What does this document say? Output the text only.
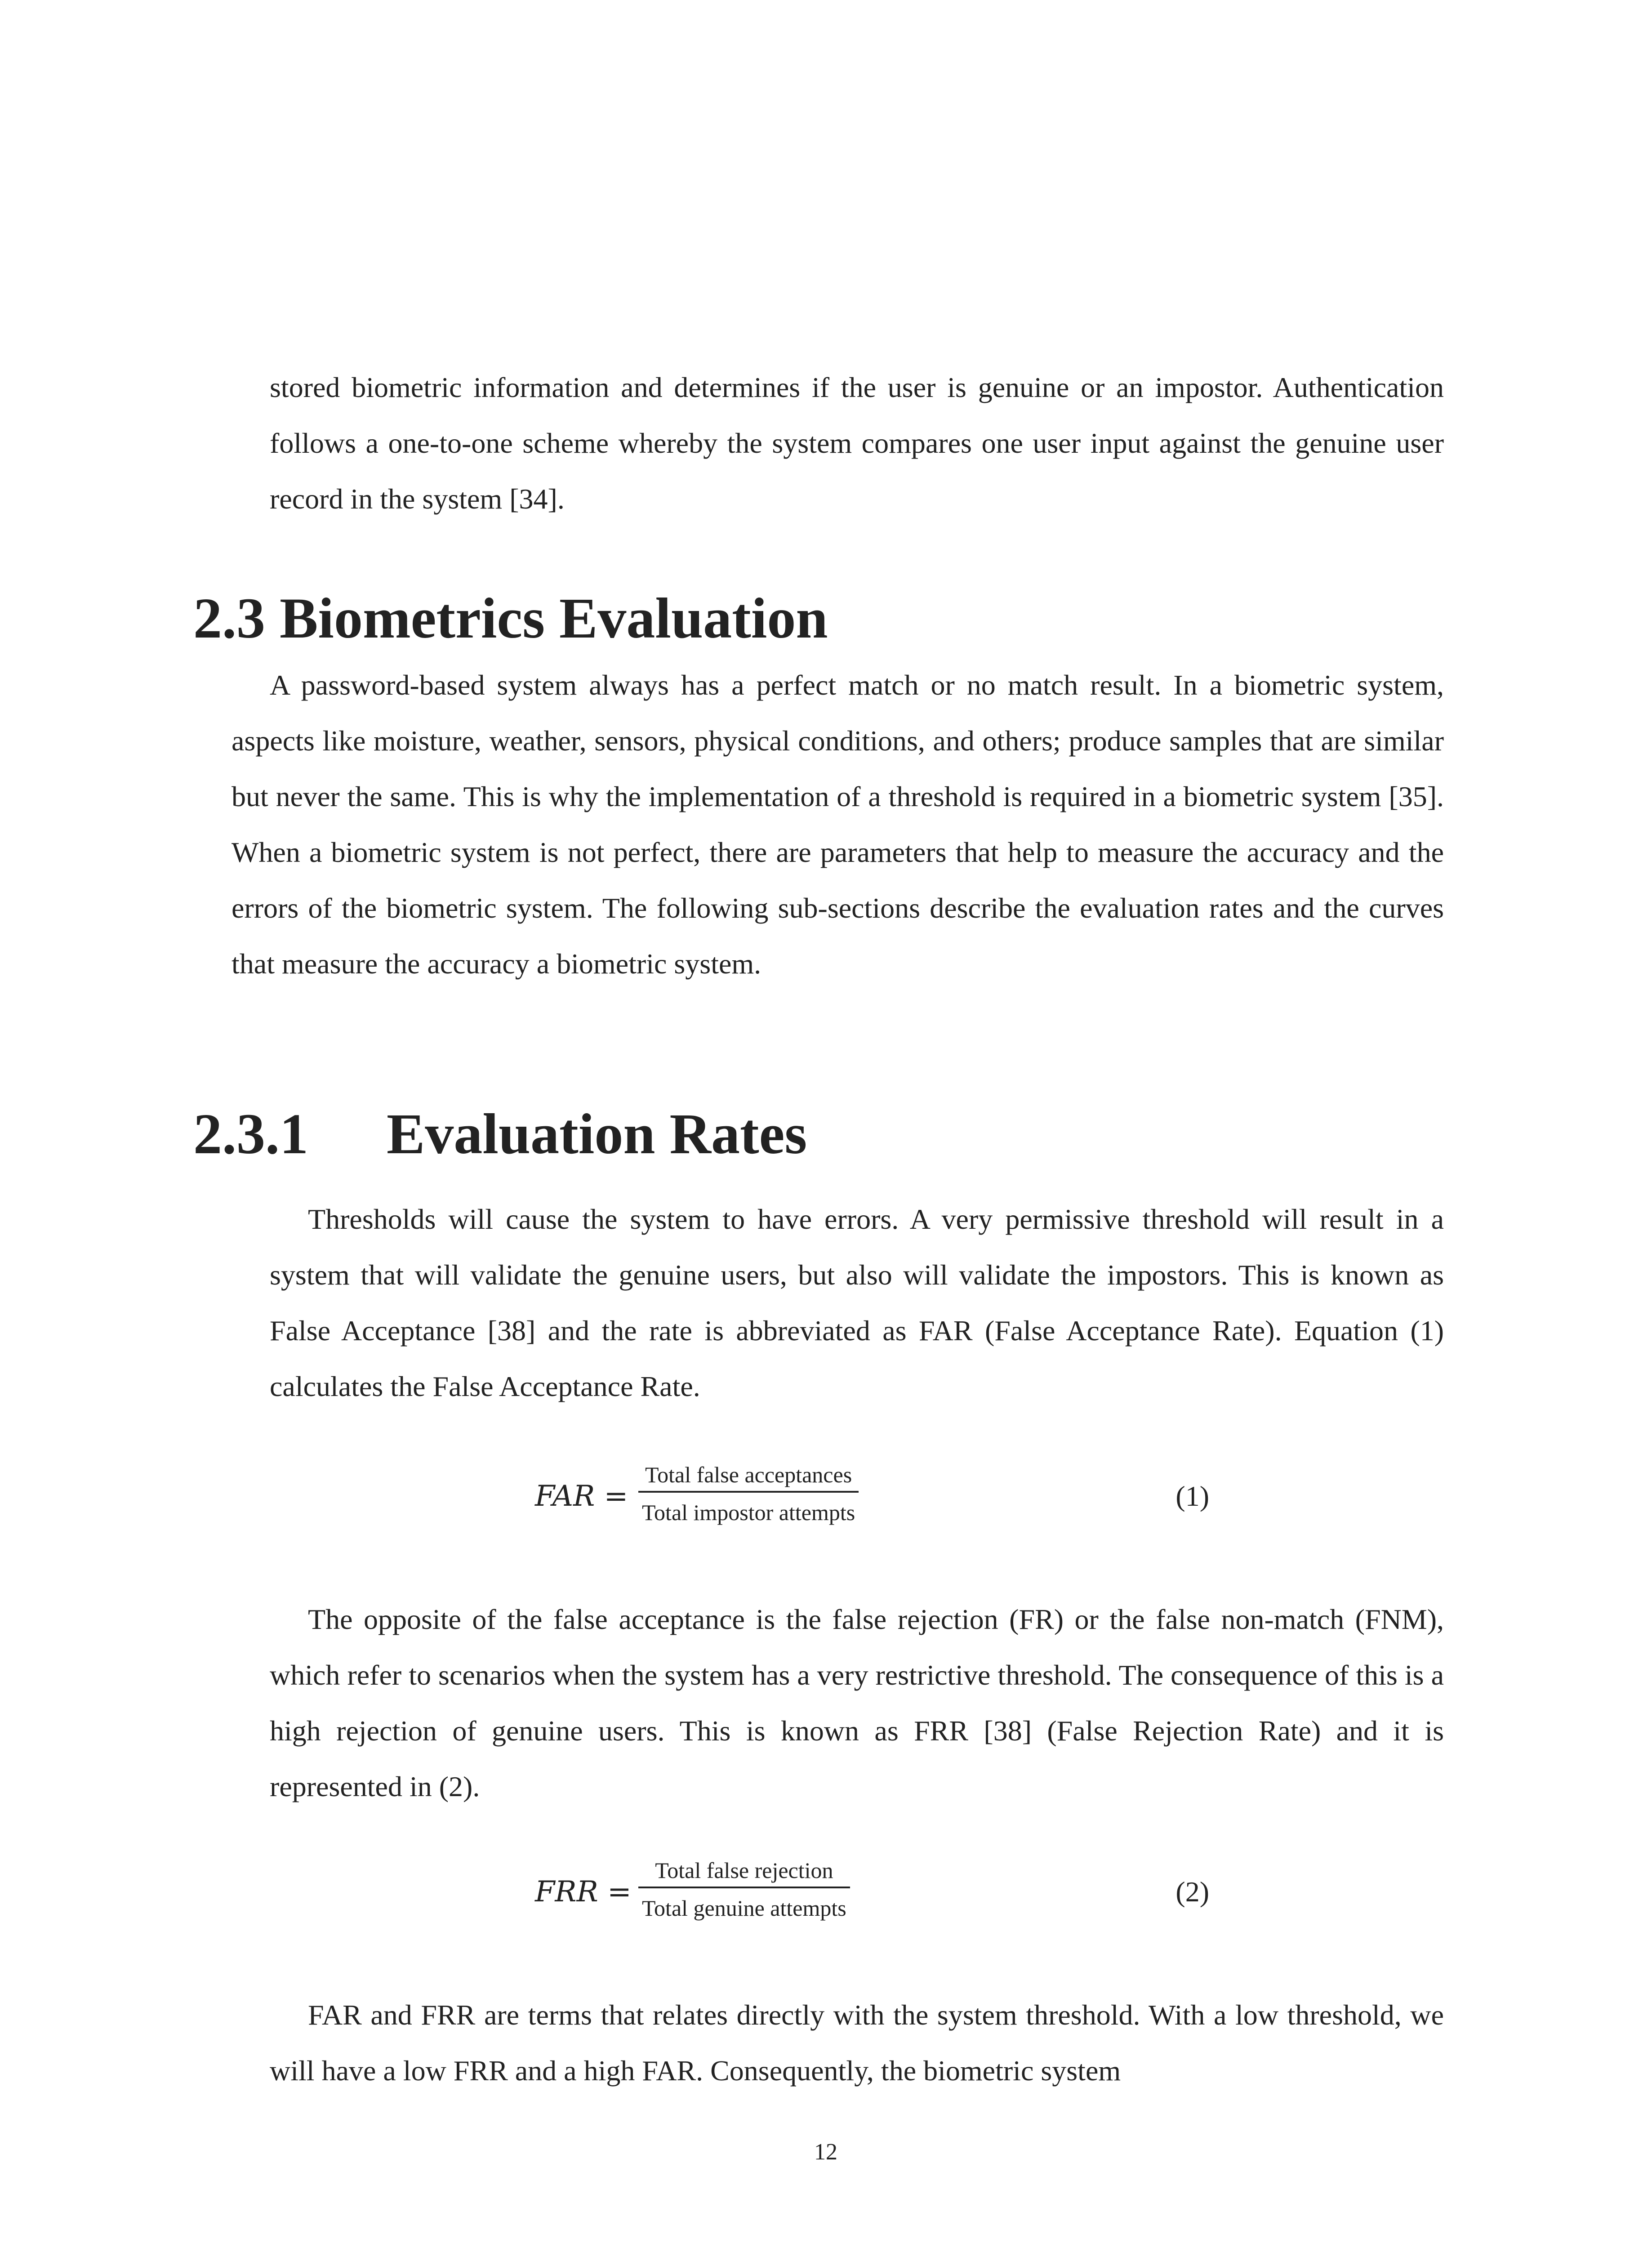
stored biometric information and determines if the user is genuine or an impostor. Authentication follows a one-to-one scheme whereby the system compares one user input against the genuine user record in the system [34].

2.3 Biometrics Evaluation

A password-based system always has a perfect match or no match result. In a biometric system, aspects like moisture, weather, sensors, physical conditions, and others; produce samples that are similar but never the same. This is why the implementation of a threshold is required in a biometric system [35]. When a biometric system is not perfect, there are parameters that help to measure the accuracy and the errors of the biometric system. The following sub-sections describe the evaluation rates and the curves that measure the accuracy a biometric system.

2.3.1 Evaluation Rates

Thresholds will cause the system to have errors. A very permissive threshold will result in a system that will validate the genuine users, but also will validate the impostors. This is known as False Acceptance [38] and the rate is abbreviated as FAR (False Acceptance Rate). Equation (1) calculates the False Acceptance Rate.

FAR =
Total false acceptances
Total impostor attempts
(1)

The opposite of the false acceptance is the false rejection (FR) or the false non-match (FNM), which refer to scenarios when the system has a very restrictive threshold. The consequence of this is a high rejection of genuine users. This is known as FRR [38] (False Rejection Rate) and it is represented in (2).

FRR =
Total false rejection
Total genuine attempts
(2)

FAR and FRR are terms that relates directly with the system threshold. With a low threshold, we will have a low FRR and a high FAR. Consequently, the biometric system

12
